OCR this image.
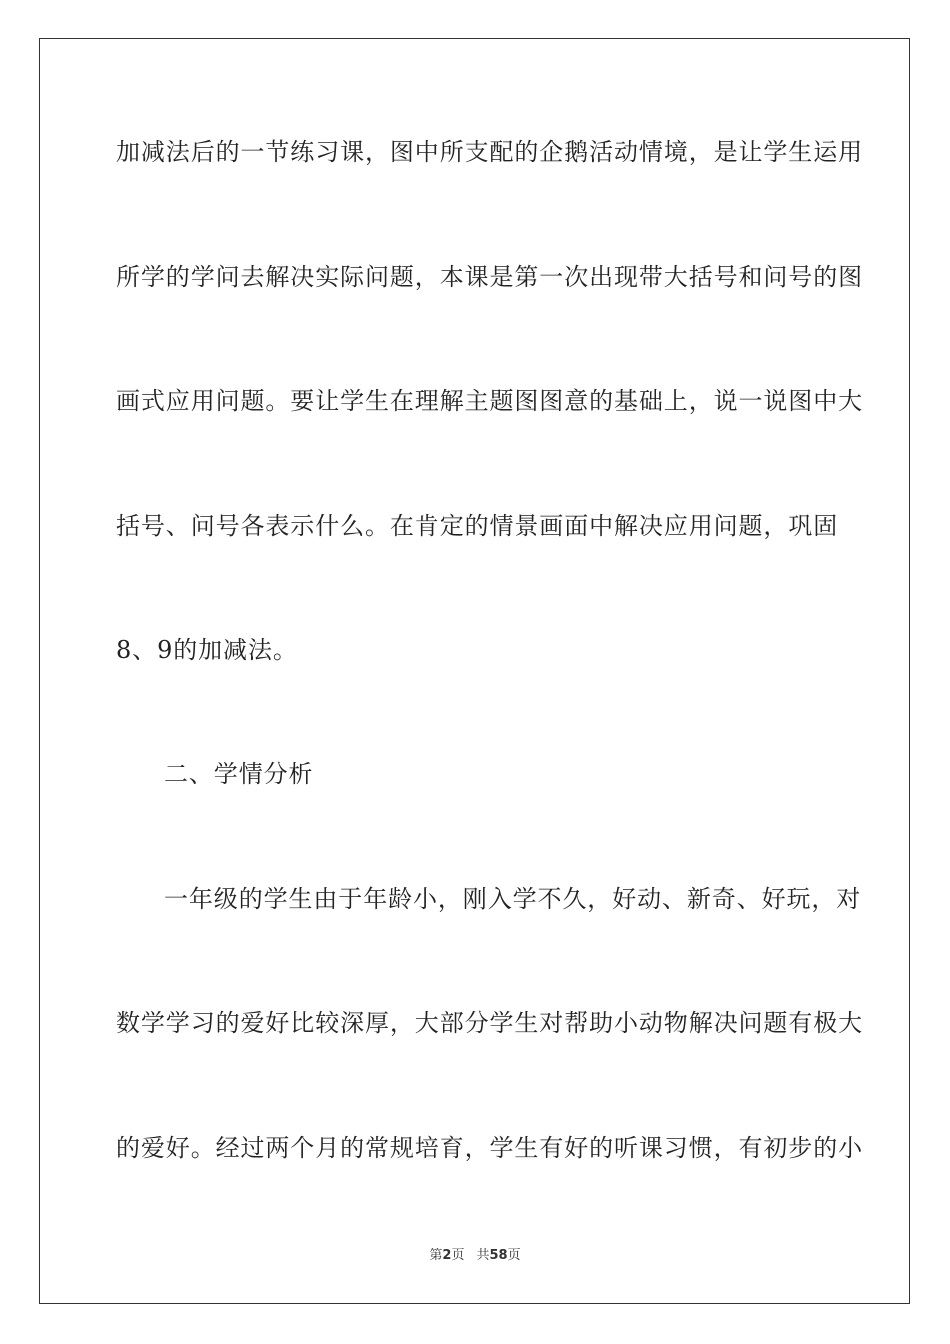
加减法后的一节练习课，图中所支配的企鹅活动情境，是让学生运用
所学的学问去解决实际问题，本课是第一次出现带大括号和问号的图
画式应用问题。要让学生在理解主题图图意的基础上，说一说图中大
括号、问号各表示什么。在肯定的情景画面中解决应用问题，巩固
8、9的加减法。
二、学情分析
一年级的学生由于年龄小，刚入学不久，好动、新奇、好玩，对
数学学习的爱好比较深厚，大部分学生对帮助小动物解决问题有极大
的爱好。经过两个月的常规培育，学生有好的听课习惯，有初步的小
第2页 共58页
